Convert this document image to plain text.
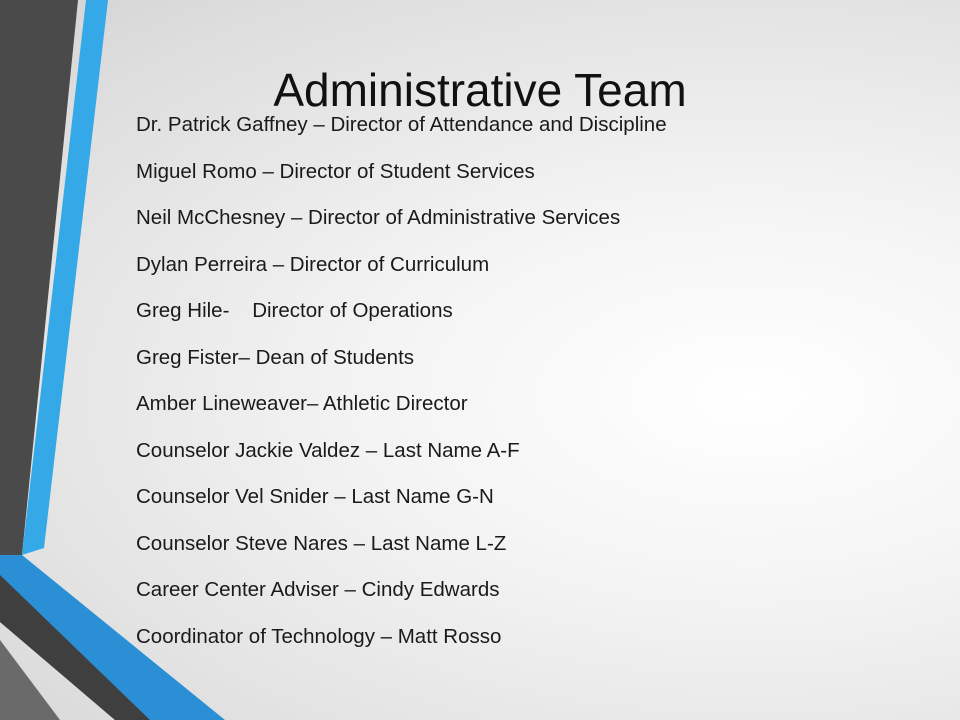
Administrative Team
Dr. Patrick Gaffney – Director of Attendance and Discipline
Miguel Romo – Director of Student Services
Neil McChesney – Director of Administrative Services
Dylan Perreira – Director of Curriculum
Greg Hile-    Director of Operations
Greg Fister– Dean of Students
Amber Lineweaver– Athletic Director
Counselor Jackie Valdez – Last Name A-F
Counselor Vel Snider – Last Name G-N
Counselor Steve Nares – Last Name L-Z
Career Center Adviser – Cindy Edwards
Coordinator of Technology – Matt Rosso
